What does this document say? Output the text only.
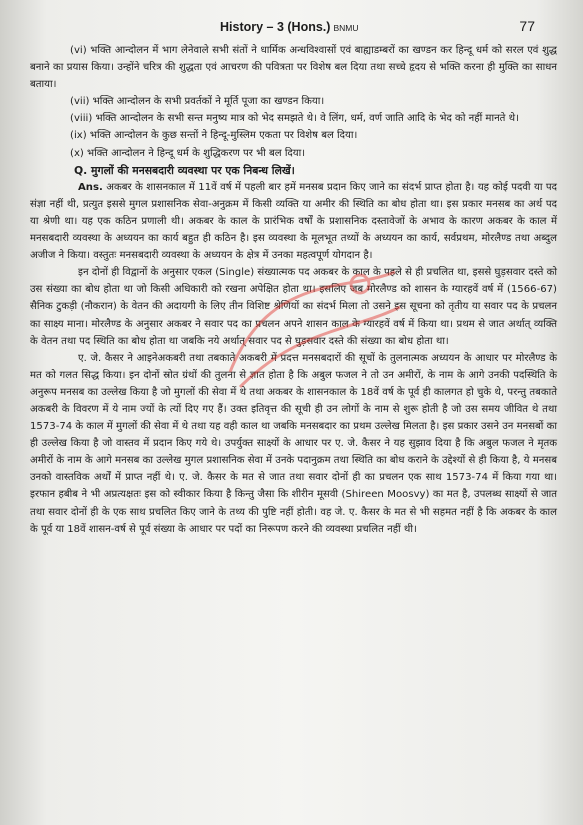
History – 3 (Hons.) BNMU	77

(vi) भक्ति आन्दोलन में भाग लेनेवाले सभी संतों ने धार्मिक अन्धविश्वासों एवं बाह्याडम्बरों का खण्डन कर हिन्दू धर्म को सरल एवं शुद्ध बनाने का प्रयास किया। उन्होंने चरित्र की शुद्धता एवं आचरण की पवित्रता पर विशेष बल दिया तथा सच्चे हृदय से भक्ति करना ही मुक्ति का साधन बताया।

(vii) भक्ति आन्दोलन के सभी प्रवर्तकों ने मूर्ति पूजा का खण्डन किया।

(viii) भक्ति आन्दोलन के सभी सन्त मनुष्य मात्र को भेद समझते थे। वे लिंग, धर्म, वर्ण जाति आदि के भेद को नहीं मानते थे।

(ix) भक्ति आन्दोलन के कुछ सन्तों ने हिन्दू-मुस्लिम एकता पर विशेष बल दिया।

(x) भक्ति आन्दोलन ने हिन्दू धर्म के शुद्धिकरण पर भी बल दिया।

Q. मुगलों की मनसबदारी व्यवस्था पर एक निबन्ध लिखें।

Ans. अकबर के शासनकाल में 11वें वर्ष में पहली बार हमें मनसब प्रदान किए जाने का संदर्भ प्राप्त होता है। यह कोई पदवी या पद संज्ञा नहीं थी, प्रत्युत इससे मुगल प्रशासनिक सेवा-अनुक्रम में किसी व्यक्ति या अमीर की स्थिति का बोध होता था। इस प्रकार मनसब का अर्थ पद या श्रेणी था। यह एक कठिन प्रणाली थी। अकबर के काल के प्रारंभिक वर्षों के प्रशासनिक दस्तावेजों के अभाव के कारण अकबर के काल में मनसबदारी व्यवस्था के अध्ययन का कार्य बहुत ही कठिन है। इस व्यवस्था के मूलभूत तथ्यों के अध्ययन का कार्य, सर्वप्रथम, मोरलैण्ड तथा अब्दुल अजीज ने किया। वस्तुतः मनसबदारी व्यवस्था के अध्ययन के क्षेत्र में उनका महत्वपूर्ण योगदान है।

इन दोनों ही विद्वानों के अनुसार एकल (Single) संख्यात्मक पद अकबर के काल के पहले से ही प्रचलित था, इससे घुड़सवार दस्ते को उस संख्या का बोध होता था जो किसी अधिकारी को रखना अपेक्षित होता था। इसलिए जब मोरलैण्ड को शासन के ग्यारहवें वर्ष में (1566-67) सैनिक टुकड़ी (नौकरान) के वेतन की अदायगी के लिए तीन विशिष्ट श्रेणियों का संदर्भ मिला तो उसने इस सूचना को तृतीय या सवार पद के प्रचलन का साक्ष्य माना। मोरलैण्ड के अनुसार अकबर ने सवार पद का प्रचलन अपने शासन काल के ग्यारहवें वर्ष में किया था। प्रथम से जात अर्थात् व्यक्ति के वेतन तथा पद स्थिति का बोध होता था जबकि नये अर्थात् सवार पद से घुड़सवार दस्ते की संख्या का बोध होता था।

ए. जे. कैसर ने आइनेअकबरी तथा तबकाते अकबरी में प्रदत्त मनसबदारों की सूचों के तुलनात्मक अध्ययन के आधार पर मोरलैण्ड के मत को गलत सिद्ध किया। इन दोनों स्रोत ग्रंथों की तुलना से ज्ञात होता है कि अबुल फजल ने तो उन अमीरों, के नाम के आगे उनकी पदस्थिति के अनुरूप मनसब का उल्लेख किया है जो मुगलों की सेवा में थे तथा अकबर के शासनकाल के 18वें वर्ष के पूर्व ही कालगत हो चुके थे, परन्तु तबकाते अकबरी के विवरण में ये नाम ज्यों के त्यों दिए गए हैं। उक्त इतिवृत्त की सूची ही उन लोगों के नाम से शुरू होती है जो उस समय जीवित थे तथा 1573-74 के काल में मुगलों की सेवा में थे तथा यह वही काल था जबकि मनसबदार का प्रथम उल्लेख मिलता है। इस प्रकार उसने उन मनसबों का ही उल्लेख किया है जो वास्तव में प्रदान किए गये थे। उपर्युक्त साक्ष्यों के आधार पर ए. जे. कैसर ने यह सुझाव दिया है कि अबुल फजल ने मृतक अमीरों के नाम के आगे मनसब का उल्लेख मुगल प्रशासनिक सेवा में उनके पदानुक्रम तथा स्थिति का बोध कराने के उद्देश्यों से ही किया है, ये मनसब उनको वास्तविक अर्थों में प्राप्त नहीं थे। ए. जे. कैसर के मत से जात तथा सवार दोनों ही का प्रचलन एक साथ 1573-74 में किया गया था। इरफान हबीब ने भी अप्रत्यक्षतः इस को स्वीकार किया है किन्तु जैसा कि शीरीन मूसवी (Shireen Moosvy) का मत है, उपलब्ध साक्ष्यों से जात तथा सवार दोनों ही के एक साथ प्रचलित किए जाने के तथ्य की पुष्टि नहीं होती। वह जे. ए. कैसर के मत से भी सहमत नहीं है कि अकबर के काल के पूर्व या 18वें शासन-वर्ष से पूर्व संख्या के आधार पर पदों का निरूपण करने की व्यवस्था प्रचलित नहीं थी।
